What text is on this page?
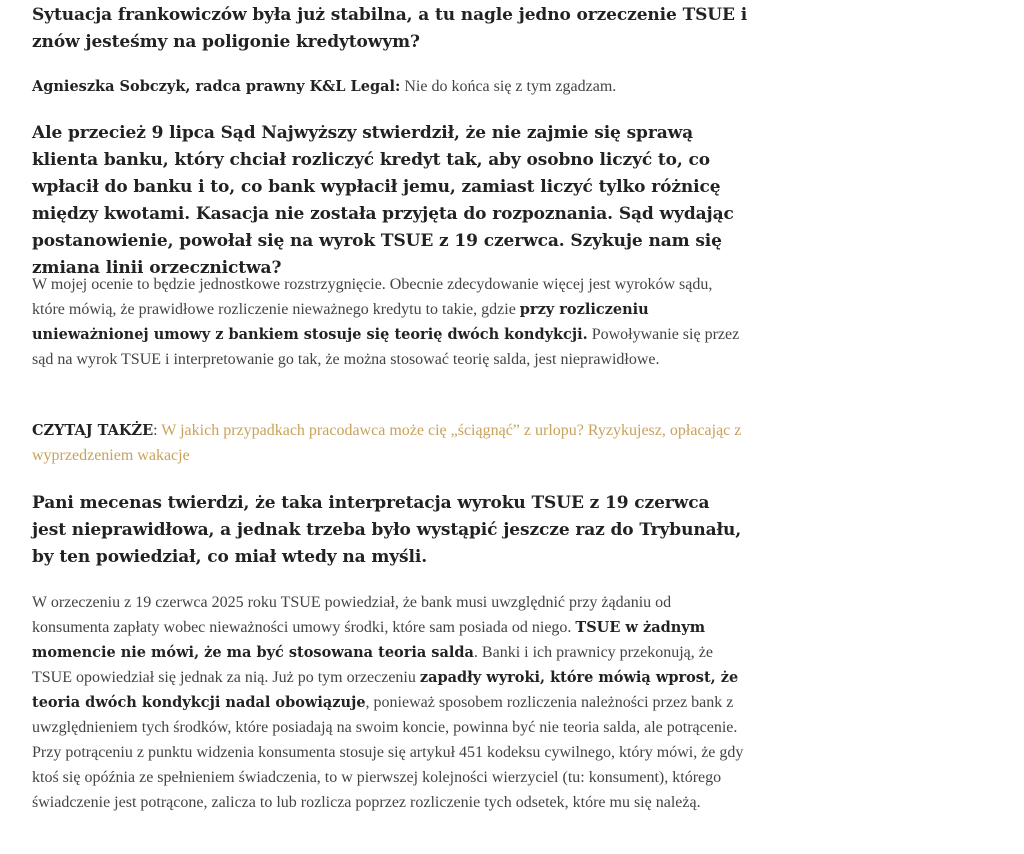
Sytuacja frankowiczów była już stabilna, a tu nagle jedno orzeczenie TSUE i znów jesteśmy na poligonie kredytowym?

Agnieszka Sobczyk, radca prawny K&L Legal: Nie do końca się z tym zgadzam.

Ale przecież 9 lipca Sąd Najwyższy stwierdził, że nie zajmie się sprawą klienta banku, który chciał rozliczyć kredyt tak, aby osobno liczyć to, co wpłacił do banku i to, co bank wypłacił jemu, zamiast liczyć tylko różnicę między kwotami. Kasacja nie została przyjęta do rozpoznania. Sąd wydając postanowienie, powołał się na wyrok TSUE z 19 czerwca. Szykuje nam się zmiana linii orzecznictwa?

W mojej ocenie to będzie jednostkowe rozstrzygnięcie. Obecnie zdecydowanie więcej jest wyroków sądu, które mówią, że prawidłowe rozliczenie nieważnego kredytu to takie, gdzie przy rozliczeniu unieważnionej umowy z bankiem stosuje się teorię dwóch kondykcji. Powoływanie się przez sąd na wyrok TSUE i interpretowanie go tak, że można stosować teorię salda, jest nieprawidłowe.

CZYTAJ TAKŻE: W jakich przypadkach pracodawca może cię „ściągnąć” z urlopu? Ryzykujesz, opłacając z wyprzedzeniem wakacje

Pani mecenas twierdzi, że taka interpretacja wyroku TSUE z 19 czerwca jest nieprawidłowa, a jednak trzeba było wystąpić jeszcze raz do Trybunału, by ten powiedział, co miał wtedy na myśli.

W orzeczeniu z 19 czerwca 2025 roku TSUE powiedział, że bank musi uwzględnić przy żądaniu od konsumenta zapłaty wobec nieważności umowy środki, które sam posiada od niego. TSUE w żadnym momencie nie mówi, że ma być stosowana teoria salda. Banki i ich prawnicy przekonują, że TSUE opowiedział się jednak za nią. Już po tym orzeczeniu zapadły wyroki, które mówią wprost, że teoria dwóch kondykcji nadal obowiązuje, ponieważ sposobem rozliczenia należności przez bank z uwzględnieniem tych środków, które posiadają na swoim koncie, powinna być nie teoria salda, ale potrącenie. Przy potrąceniu z punktu widzenia konsumenta stosuje się artykuł 451 kodeksu cywilnego, który mówi, że gdy ktoś się opóźnia ze spełnieniem świadczenia, to w pierwszej kolejności wierzyciel (tu: konsument), którego świadczenie jest potrącone, zalicza to lub rozlicza poprzez rozliczenie tych odsetek, które mu się należą.
